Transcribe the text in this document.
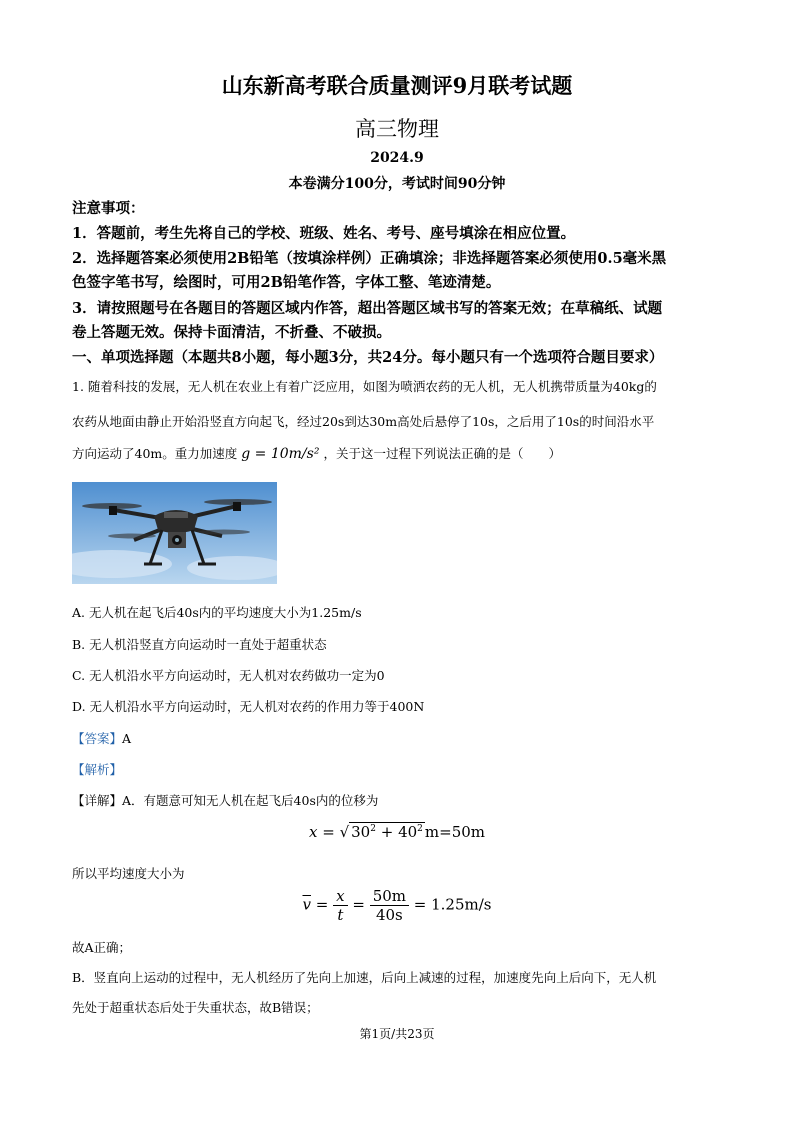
山东新高考联合质量测评9月联考试题
高三物理
2024.9
本卷满分100分，考试时间90分钟
注意事项：
1．答题前，考生先将自己的学校、班级、姓名、考号、座号填涂在相应位置。
2．选择题答案必须使用2B铅笔（按填涂样例）正确填涂；非选择题答案必须使用0.5毫米黑
色签字笔书写，绘图时，可用2B铅笔作答，字体工整、笔迹清楚。
3．请按照题号在各题目的答题区域内作答，超出答题区域书写的答案无效；在草稿纸、试题
卷上答题无效。保持卡面清洁，不折叠、不破损。
一、单项选择题（本题共8小题，每小题3分，共24分。每小题只有一个选项符合题目要求）
1. 随着科技的发展，无人机在农业上有着广泛应用，如图为喷洒农药的无人机，无人机携带质量为40kg的
农药从地面由静止开始沿竖直方向起飞，经过20s到达30m高处后悬停了10s，之后用了10s的时间沿水平
方向运动了40m。重力加速度 g = 10m/s² ，关于这一过程下列说法正确的是（　　）
A. 无人机在起飞后40s内的平均速度大小为1.25m/s
B. 无人机沿竖直方向运动时一直处于超重状态
C. 无人机沿水平方向运动时，无人机对农药做功一定为0
D. 无人机沿水平方向运动时，无人机对农药的作用力等于400N
【答案】A
【解析】
【详解】A．有题意可知无人机在起飞后40s内的位移为
x = √ $30^2 + 40^2$ m=50m
所以平均速度大小为
$\overline{v} = \frac{x}{t} = \frac{50m}{40s} = 1.25m/s$
故A正确；
B．竖直向上运动的过程中，无人机经历了先向上加速，后向上减速的过程，加速度先向上后向下，无人机
先处于超重状态后处于失重状态，故B错误；
第1页/共23页
